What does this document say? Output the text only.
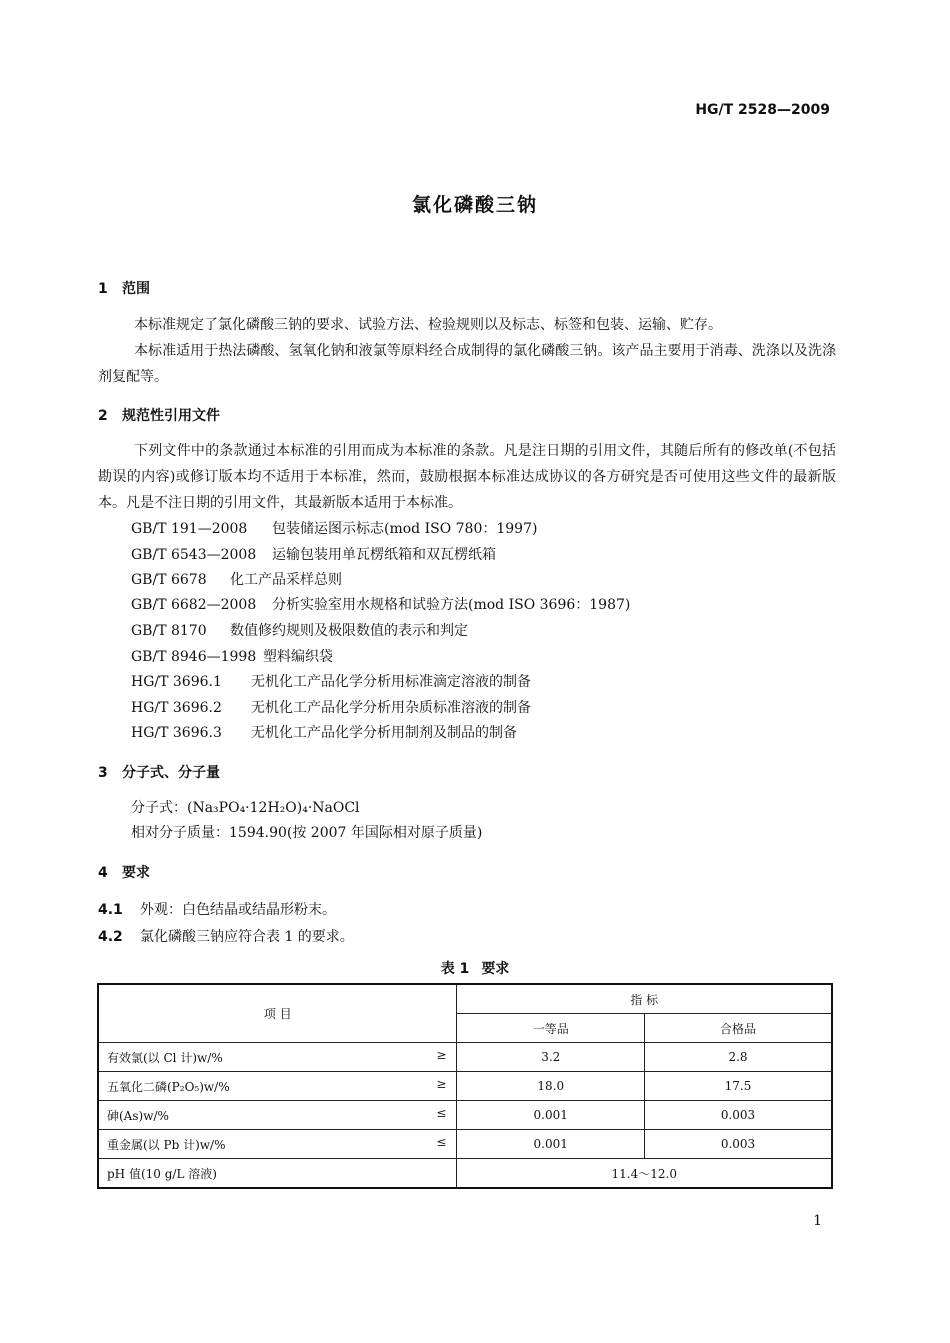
HG/T 2528—2009
氯化磷酸三钠
1 范围
本标准规定了氯化磷酸三钠的要求、试验方法、检验规则以及标志、标签和包装、运输、贮存。
本标准适用于热法磷酸、氢氧化钠和液氯等原料经合成制得的氯化磷酸三钠。该产品主要用于消毒、洗涤以及洗涤剂复配等。
2 规范性引用文件
下列文件中的条款通过本标准的引用而成为本标准的条款。凡是注日期的引用文件，其随后所有的修改单(不包括勘误的内容)或修订版本均不适用于本标准，然而，鼓励根据本标准达成协议的各方研究是否可使用这些文件的最新版本。凡是不注日期的引用文件，其最新版本适用于本标准。
GB/T 191—2008 包装储运图示标志(mod ISO 780：1997)
GB/T 6543—2008 运输包装用单瓦楞纸箱和双瓦楞纸箱
GB/T 6678 化工产品采样总则
GB/T 6682—2008 分析实验室用水规格和试验方法(mod ISO 3696：1987)
GB/T 8170 数值修约规则及极限数值的表示和判定
GB/T 8946—1998 塑料编织袋
HG/T 3696.1 无机化工产品化学分析用标准滴定溶液的制备
HG/T 3696.2 无机化工产品化学分析用杂质标准溶液的制备
HG/T 3696.3 无机化工产品化学分析用制剂及制品的制备
3 分子式、分子量
分子式：(Na₃PO₄·12H₂O)₄·NaOCl
相对分子质量：1594.90(按 2007 年国际相对原子质量)
4 要求
4.1 外观：白色结晶或结晶形粉末。
4.2 氯化磷酸三钠应符合表 1 的要求。
表 1 要求
项 目	指 标	
	一等品	合格品
有效氯(以 Cl 计)w/% ≥	3.2	2.8
五氧化二磷(P₂O₅)w/% ≥	18.0	17.5
砷(As)w/% ≤	0.001	0.003
重金属(以 Pb 计)w/% ≤	0.001	0.003
pH 值(10 g/L 溶液)	11.4～12.0	
1
